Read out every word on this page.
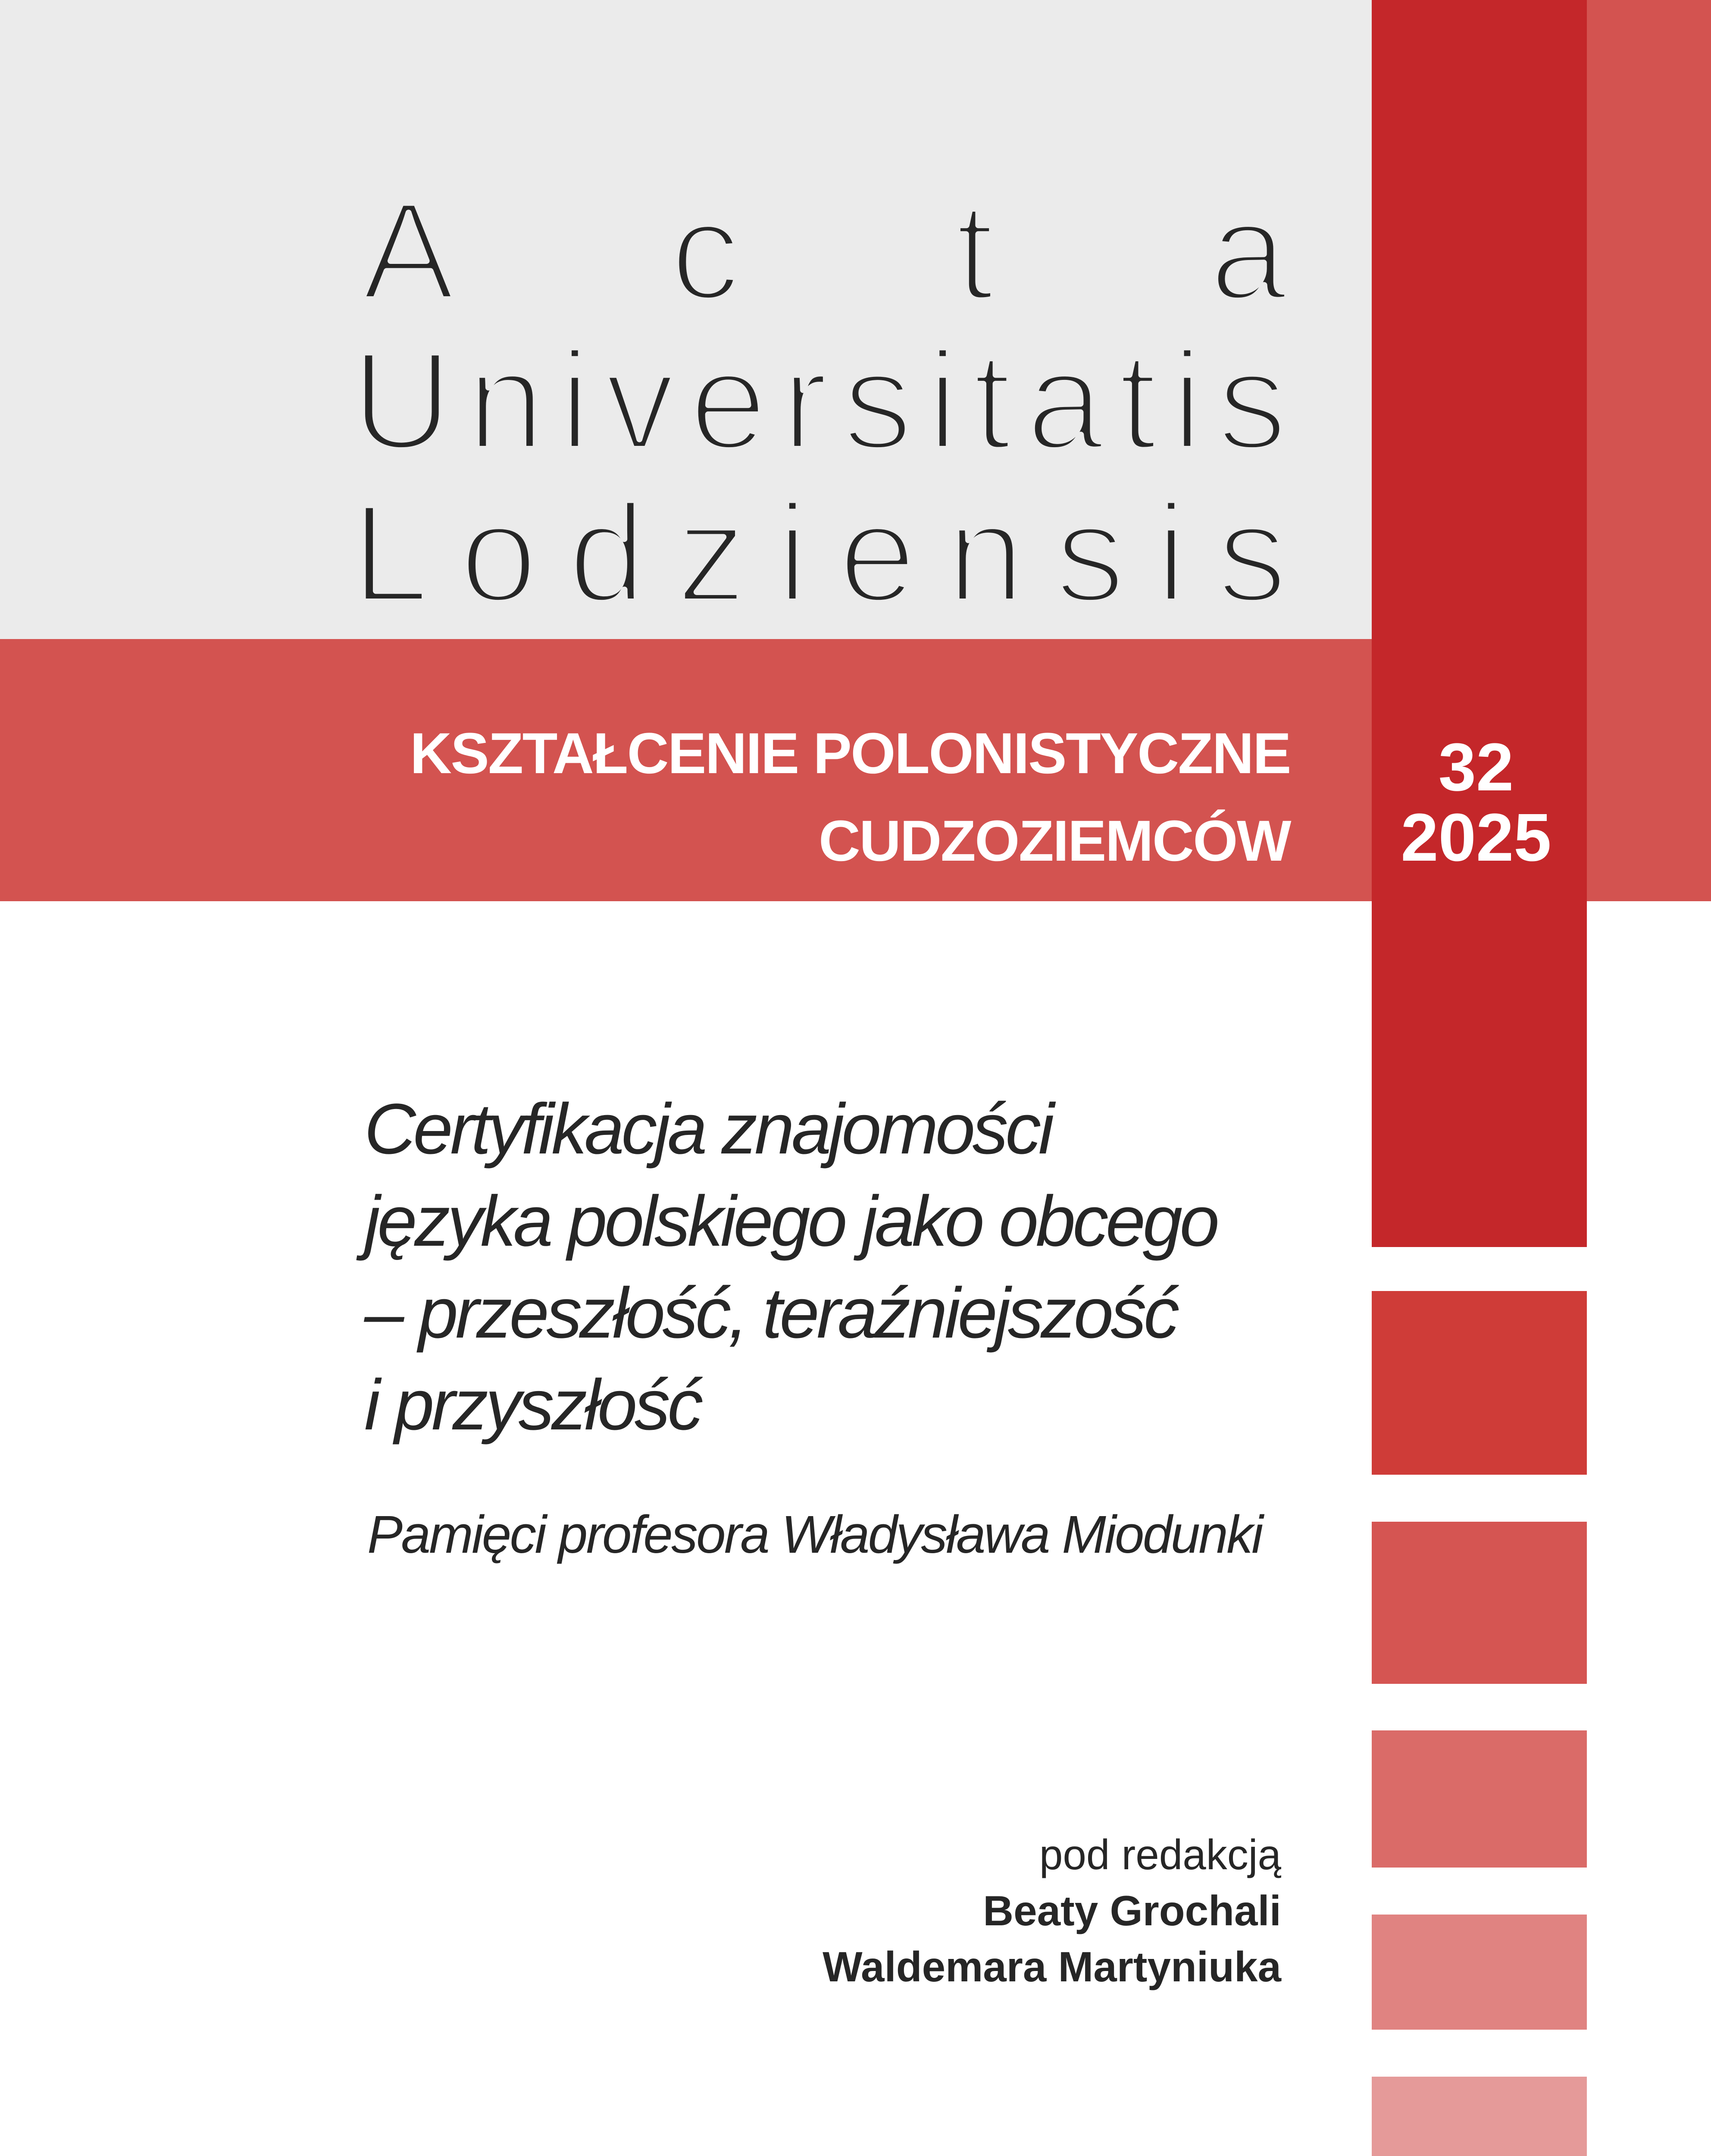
Acta
Universitatis
Lodziensis
KSZTAŁCENIE POLONISTYCZNE
CUDZOZIEMCÓW
32
2025
Certyfikacja znajomości
języka polskiego jako obcego
– przeszłość, teraźniejszość
i przyszłość
Pamięci profesora Władysława Miodunki
pod redakcją
Beaty Grochali
Waldemara Martyniuka
